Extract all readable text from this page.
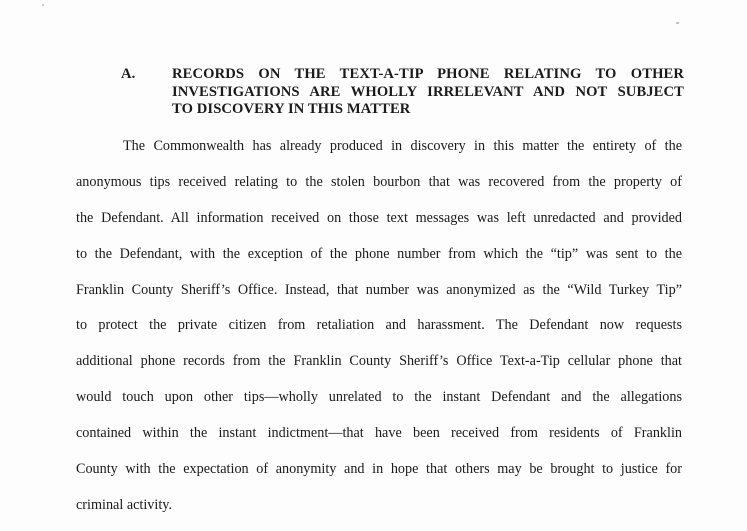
A.	RECORDS ON THE TEXT-A-TIP PHONE RELATING TO OTHER
INVESTIGATIONS ARE WHOLLY IRRELEVANT AND NOT SUBJECT
TO DISCOVERY IN THIS MATTER
The Commonwealth has already produced in discovery in this matter the entirety of the
anonymous tips received relating to the stolen bourbon that was recovered from the property of
the Defendant. All information received on those text messages was left unredacted and provided
to the Defendant, with the exception of the phone number from which the “tip” was sent to the
Franklin County Sheriff’s Office. Instead, that number was anonymized as the “Wild Turkey Tip”
to protect the private citizen from retaliation and harassment. The Defendant now requests
additional phone records from the Franklin County Sheriff’s Office Text-a-Tip cellular phone that
would touch upon other tips—wholly unrelated to the instant Defendant and the allegations
contained within the instant indictment—that have been received from residents of Franklin
County with the expectation of anonymity and in hope that others may be brought to justice for
criminal activity.
